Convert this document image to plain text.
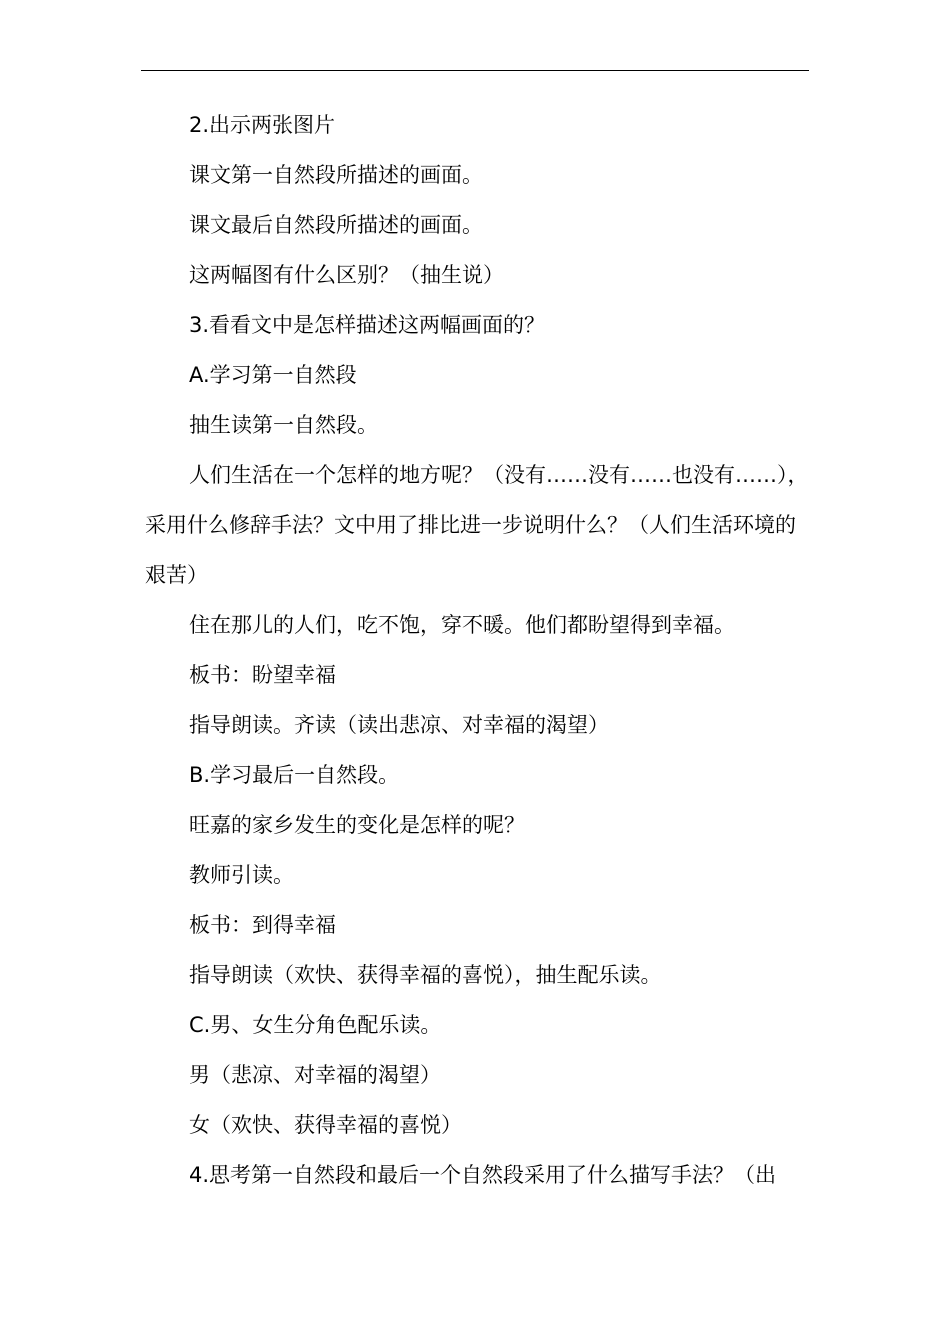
2.出示两张图片

课文第一自然段所描述的画面。

课文最后自然段所描述的画面。

这两幅图有什么区别？（抽生说）

3.看看文中是怎样描述这两幅画面的？

A.学习第一自然段

抽生读第一自然段。

人们生活在一个怎样的地方呢？（没有……没有……也没有……），采用什么修辞手法？文中用了排比进一步说明什么？（人们生活环境的艰苦）

住在那儿的人们，吃不饱，穿不暖。他们都盼望得到幸福。

板书：盼望幸福

指导朗读。齐读（读出悲凉、对幸福的渴望）

B.学习最后一自然段。

旺嘉的家乡发生的变化是怎样的呢？

教师引读。

板书：到得幸福

指导朗读（欢快、获得幸福的喜悦），抽生配乐读。

C.男、女生分角色配乐读。

男（悲凉、对幸福的渴望）

女（欢快、获得幸福的喜悦）

4.思考第一自然段和最后一个自然段采用了什么描写手法？（出
